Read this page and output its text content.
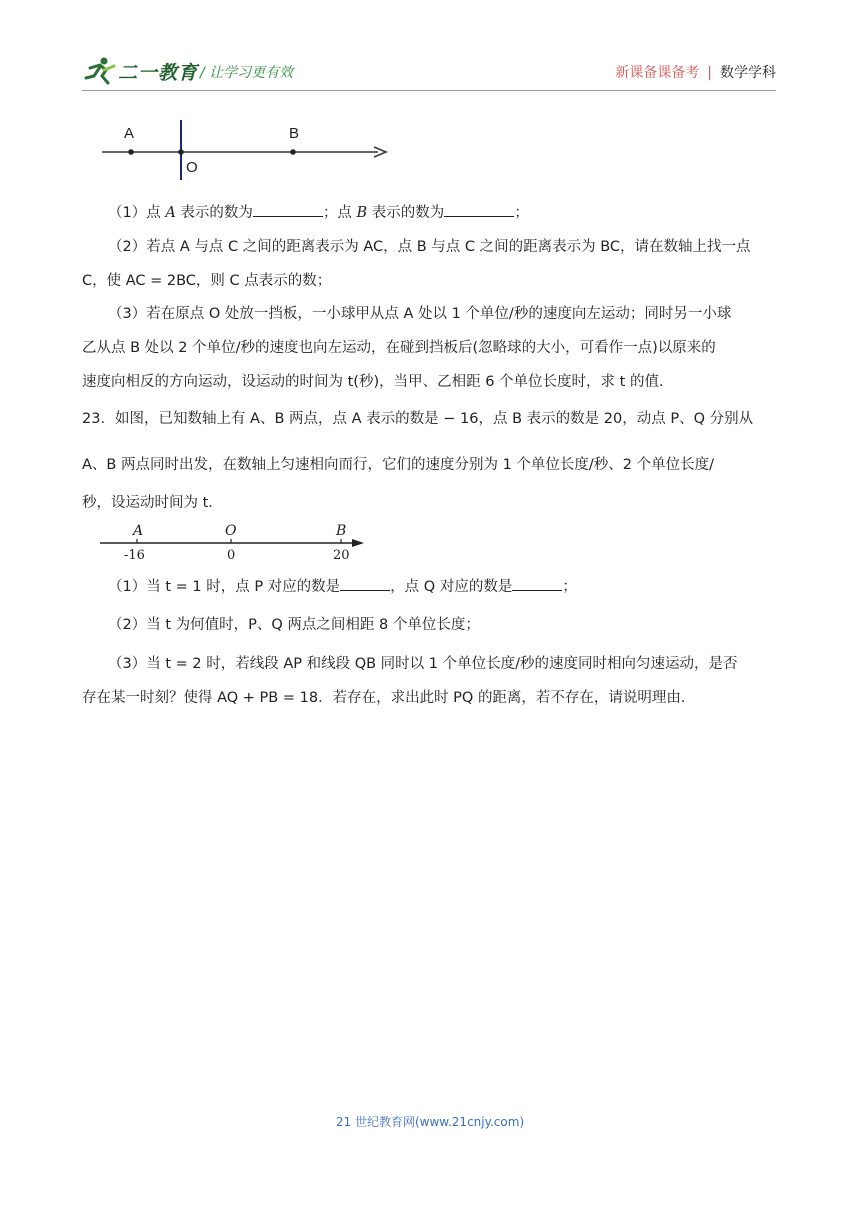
二一教育 / 让学习更有效	新课备课备考 | 数学学科
A
O
B
（1）点 A 表示的数为	；点 B 表示的数为	；
（2）若点 A 与点 C 之间的距离表示为 AC，点 B 与点 C 之间的距离表示为 BC，请在数轴上找一点
C，使 AC = 2BC，则 C 点表示的数；
（3）若在原点 O 处放一挡板，一小球甲从点 A 处以 1 个单位/秒的速度向左运动；同时另一小球
乙从点 B 处以 2 个单位/秒的速度也向左运动，在碰到挡板后(忽略球的大小，可看作一点)以原来的
速度向相反的方向运动，设运动的时间为 t(秒)，当甲、乙相距 6 个单位长度时，求 t 的值.
23．如图，已知数轴上有 A、B 两点，点 A 表示的数是 − 16，点 B 表示的数是 20，动点 P、Q 分别从
A、B 两点同时出发，在数轴上匀速相向而行，它们的速度分别为 1 个单位长度/秒、2 个单位长度/
秒，设运动时间为 t.
A	O	B
-16	0	20
（1）当 t = 1 时，点 P 对应的数是	，点 Q 对应的数是	；
（2）当 t 为何值时，P、Q 两点之间相距 8 个单位长度；
（3）当 t = 2 时，若线段 AP 和线段 QB 同时以 1 个单位长度/秒的速度同时相向匀速运动，是否
存在某一时刻？使得 AQ + PB = 18．若存在，求出此时 PQ 的距离，若不存在，请说明理由.
21 世纪教育网(www.21cnjy.com)
